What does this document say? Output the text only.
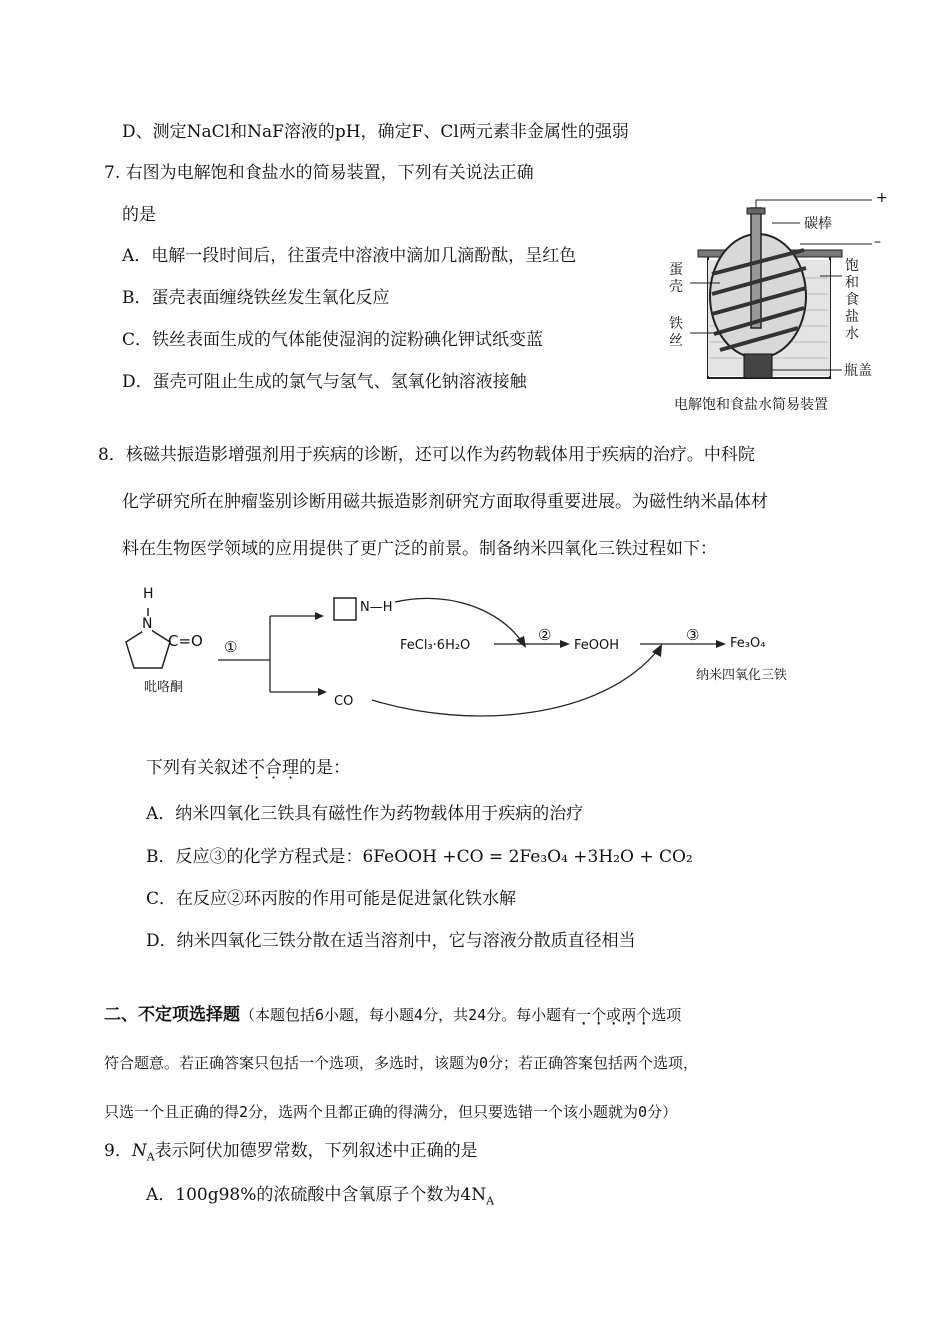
D、测定NaCl和NaF溶液的pH，确定F、Cl两元素非金属性的强弱
7. 右图为电解饱和食盐水的简易装置，下列有关说法正确
的是
A．电解一段时间后，往蛋壳中溶液中滴加几滴酚酞，呈红色
B．蛋壳表面缠绕铁丝发生氧化反应
C．铁丝表面生成的气体能使湿润的淀粉碘化钾试纸变蓝
D．蛋壳可阻止生成的氯气与氢气、氢氧化钠溶液接触
+
–
碳棒
蛋壳
铁丝
饱和食盐水
瓶盖
电解饱和食盐水简易装置
8．核磁共振造影增强剂用于疾病的诊断，还可以作为药物载体用于疾病的治疗。中科院
化学研究所在肿瘤鉴别诊断用磁共振造影剂研究方面取得重要进展。为磁性纳米晶体材
料在生物医学领域的应用提供了更广泛的前景。制备纳米四氧化三铁过程如下：
H
N
C=O
吡咯酮
①
N—H
FeCl₃·6H₂O
②
FeOOH
③ Fe₃O₄
纳米四氧化三铁
CO
下列有关叙述不合理的是：
A．纳米四氧化三铁具有磁性作为药物载体用于疾病的治疗
B．反应③的化学方程式是：6FeOOH +CO = 2Fe₃O₄ +3H₂O + CO₂
C．在反应②环丙胺的作用可能是促进氯化铁水解
D．纳米四氧化三铁分散在适当溶剂中，它与溶液分散质直径相当
二、不定项选择题（本题包括6小题，每小题4分，共24分。每小题有一个或两个选项
符合题意。若正确答案只包括一个选项，多选时，该题为0分；若正确答案包括两个选项，
只选一个且正确的得2分，选两个且都正确的得满分，但只要选错一个该小题就为0分）
9．$N_A$表示阿伏加德罗常数，下列叙述中正确的是
A．100g98%的浓硫酸中含氧原子个数为$4N_A$
